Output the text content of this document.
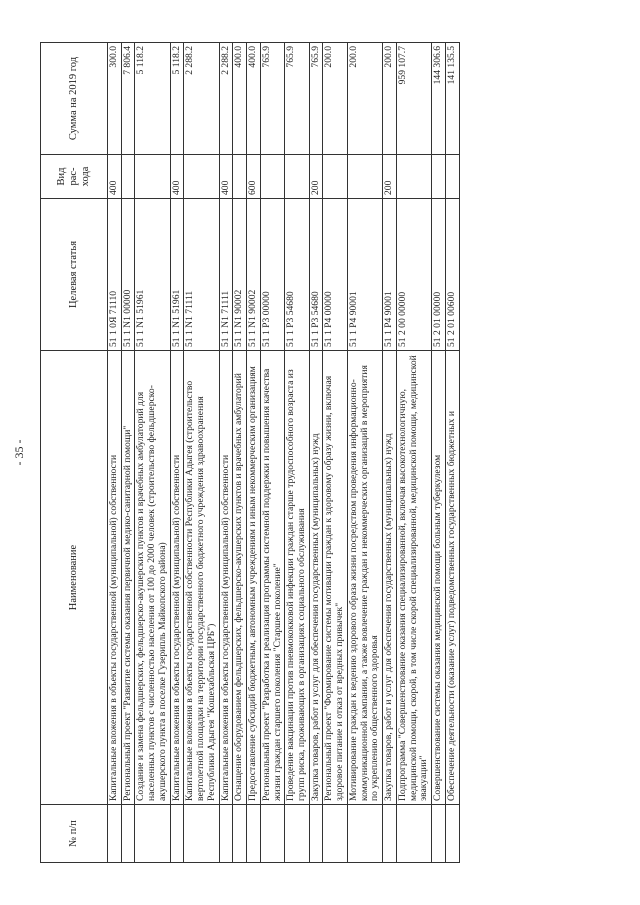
- 35 -
№ п/п	Наименование	Целевая статья	Вид рас-хода	Сумма на 2019 год
	Капитальные вложения в объекты государственной (муниципальной) собственности	51 1 0Я 71110	400	300.0
	Региональный проект "Развитие системы оказания первичной медико-санитарной помощи"	51 1 N1 00000		7 806.4
	Создание и замена фельдшерских, фельдшерско-акушерских пунктов и врачебных амбулаторий для населенных пунктов с численностью населения от 100 до 2000 человек (строительство фельдшерско-акушерского пункта в поселке Гузерипль Майкопского района)	51 1 N1 51961		5 118.2
	Капитальные вложения в объекты государственной (муниципальной) собственности	51 1 N1 51961	400	5 118.2
	Капитальные вложения в объекты государственной собственности Республики Адыгея (строительство вертолетной площадки на территории государственного бюджетного учреждения здравоохранения Республики Адыгея "Кошехабльская ЦРБ")	51 1 N1 71111		2 288.2
	Капитальные вложения в объекты государственной (муниципальной) собственности	51 1 N1 71111	400	2 288.2
	Оснащение оборудованием фельдшерских, фельдшерско-акушерских пунктов и врачебных амбулаторий	51 1 N1 90002		400.0
	Предоставление субсидий бюджетным, автономным учреждениям и иным некоммерческим организациям	51 1 N1 90002	600	400.0
	Региональный проект "Разработка и реализация программы системной поддержки и повышения качества жизни граждан старшего поколения "Старшее поколение"	51 1 P3 00000		765.9
	Проведение вакцинации против пневмококковой инфекции граждан старше трудоспособного возраста из групп риска, проживающих в организациях социального обслуживания	51 1 P3 54680		765.9
	Закупка товаров, работ и услуг для обеспечения государственных (муниципальных) нужд	51 1 P3 54680	200	765.9
	Региональный проект "Формирование системы мотивации граждан к здоровому образу жизни, включая здоровое питание и отказ от вредных привычек"	51 1 P4 00000		200.0
	Мотивирование граждан к ведению здорового образа жизни посредством проведения информационно-коммуникационной кампании, а также вовлечение граждан и некоммерческих организаций в мероприятия по укреплению общественного здоровья	51 1 P4 90001		200.0
	Закупка товаров, работ и услуг для обеспечения государственных (муниципальных) нужд	51 1 P4 90001	200	200.0
	Подпрограмма "Совершенствование оказания специализированной, включая высокотехнологичную, медицинской помощи, скорой, в том числе скорой специализированной, медицинской помощи, медицинской эвакуации"	51 2 00 00000		959 107.7
	Совершенствование системы оказания медицинской помощи больным туберкулезом	51 2 01 00000		144 306.6
	Обеспечение деятельности (оказание услуг) подведомственных государственных бюджетных и	51 2 01 00600		141 135.5
